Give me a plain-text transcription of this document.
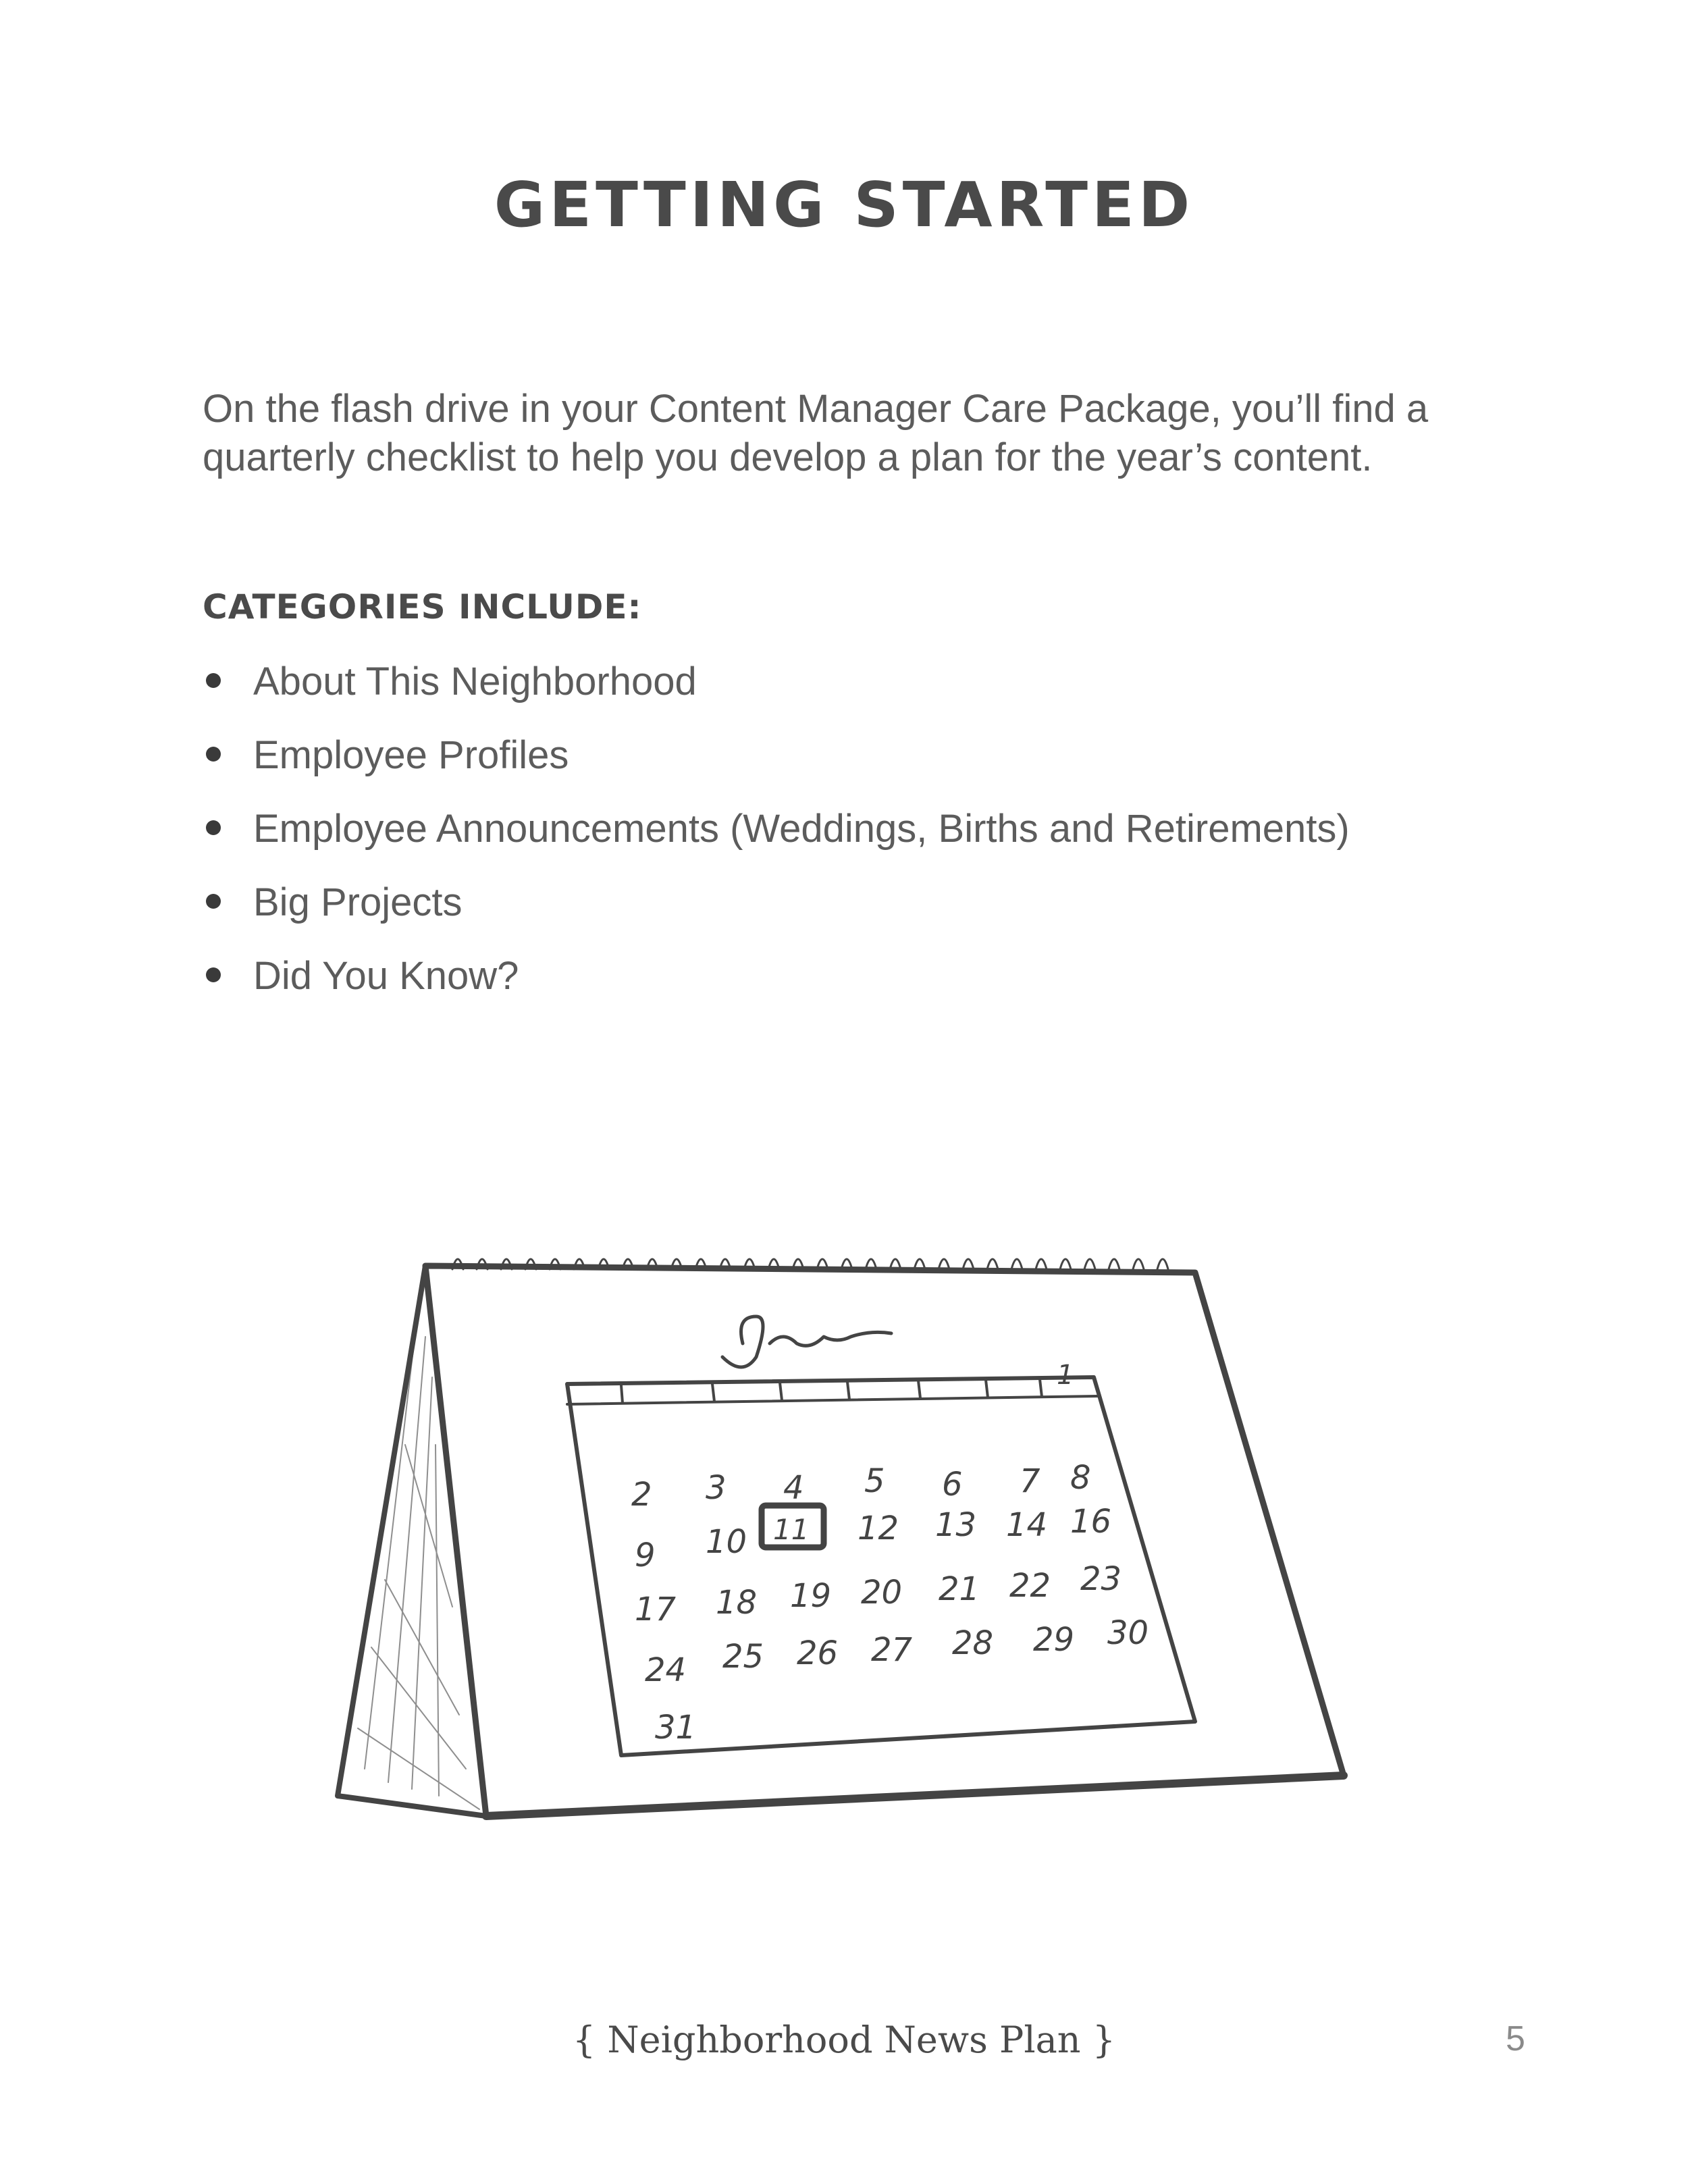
GETTING STARTED

On the flash drive in your Content Manager Care Package, you’ll find a
quarterly checklist to help you develop a plan for the year’s content.

CATEGORIES INCLUDE:
About This Neighborhood
Employee Profiles
Employee Announcements (Weddings, Births and Retirements)
Big Projects
Did You Know?
1
2 3 4 5 6 7 8
9 10 11 12 13 14 16
17 18 19 20 21 22 23
24 25 26 27 28 29 30
31
{ Neighborhood News Plan }	5
